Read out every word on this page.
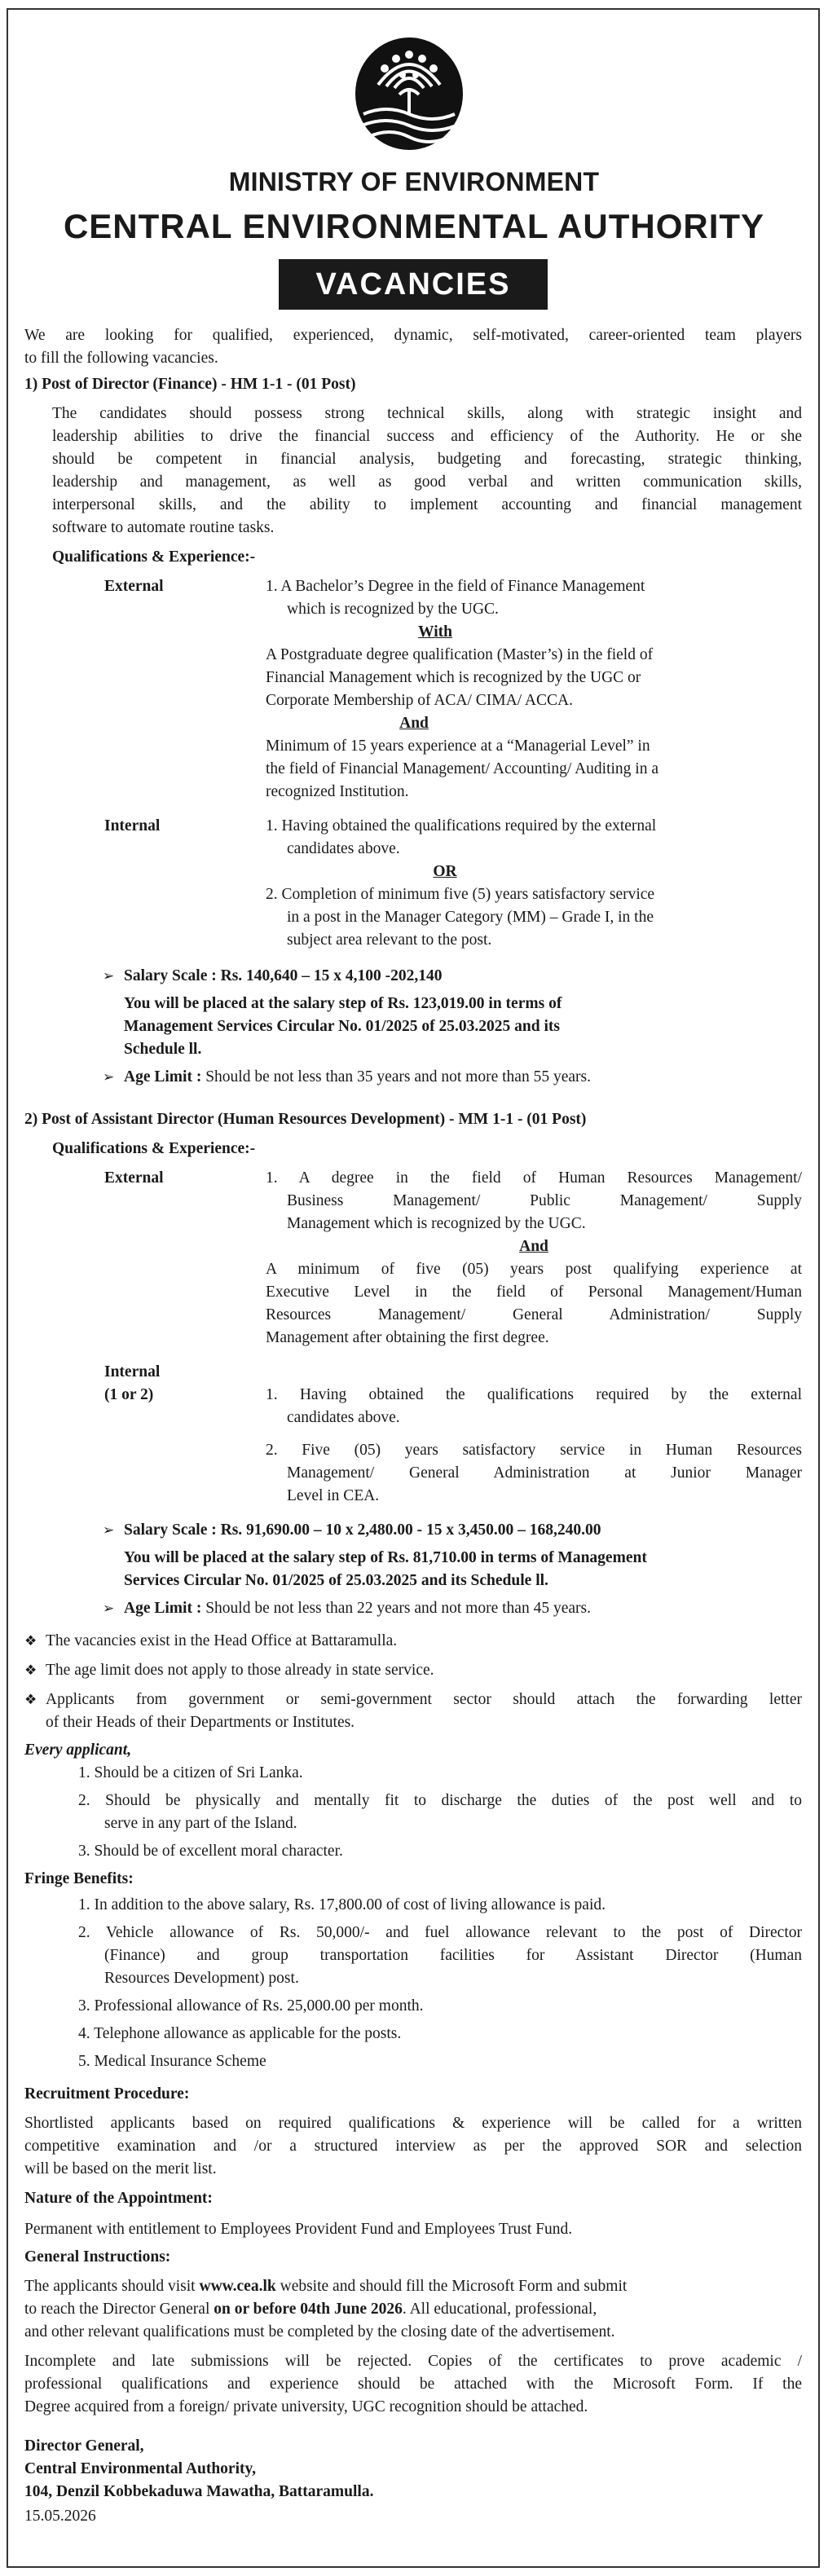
MINISTRY OF ENVIRONMENT
CENTRAL ENVIRONMENTAL AUTHORITY
VACANCIES
We are looking for qualified, experienced, dynamic, self-motivated, career-oriented team players
to fill the following vacancies.
1) Post of Director (Finance) - HM 1-1 - (01 Post)
The candidates should possess strong technical skills, along with strategic insight and
leadership abilities to drive the financial success and efficiency of the Authority. He or she
should be competent in financial analysis, budgeting and forecasting, strategic thinking,
leadership and management, as well as good verbal and written communication skills,
interpersonal skills, and the ability to implement accounting and financial management
software to automate routine tasks.
Qualifications & Experience:-
External	1. A Bachelor’s Degree in the field of Finance Management
which is recognized by the UGC.
With
A Postgraduate degree qualification (Master’s) in the field of
Financial Management which is recognized by the UGC or
Corporate Membership of ACA/ CIMA/ ACCA.
And
Minimum of 15 years experience at a “Managerial Level” in
the field of Financial Management/ Accounting/ Auditing in a
recognized Institution.
Internal	1. Having obtained the qualifications required by the external
candidates above.
OR
2. Completion of minimum five (5) years satisfactory service
in a post in the Manager Category (MM) – Grade I, in the
subject area relevant to the post.
➢ Salary Scale : Rs. 140,640 – 15 x 4,100 -202,140
You will be placed at the salary step of Rs. 123,019.00 in terms of
Management Services Circular No. 01/2025 of 25.03.2025 and its
Schedule ll.
➢ Age Limit : Should be not less than 35 years and not more than 55 years.
2) Post of Assistant Director (Human Resources Development) - MM 1-1 - (01 Post)
Qualifications & Experience:-
External	1. A degree in the field of Human Resources Management/
Business Management/ Public Management/ Supply
Management which is recognized by the UGC.
And
A minimum of five (05) years post qualifying experience at
Executive Level in the field of Personal Management/Human
Resources Management/ General Administration/ Supply
Management after obtaining the first degree.
Internal
(1 or 2)	1. Having obtained the qualifications required by the external
candidates above.
2. Five (05) years satisfactory service in Human Resources
Management/ General Administration at Junior Manager
Level in CEA.
➢ Salary Scale : Rs. 91,690.00 – 10 x 2,480.00 - 15 x 3,450.00 – 168,240.00
You will be placed at the salary step of Rs. 81,710.00 in terms of Management
Services Circular No. 01/2025 of 25.03.2025 and its Schedule ll.
➢ Age Limit : Should be not less than 22 years and not more than 45 years.
❖ The vacancies exist in the Head Office at Battaramulla.
❖ The age limit does not apply to those already in state service.
❖ Applicants from government or semi-government sector should attach the forwarding letter
of their Heads of their Departments or Institutes.
Every applicant,
1. Should be a citizen of Sri Lanka.
2. Should be physically and mentally fit to discharge the duties of the post well and to
serve in any part of the Island.
3. Should be of excellent moral character.
Fringe Benefits:
1. In addition to the above salary, Rs. 17,800.00 of cost of living allowance is paid.
2. Vehicle allowance of Rs. 50,000/- and fuel allowance relevant to the post of Director
(Finance) and group transportation facilities for Assistant Director (Human
Resources Development) post.
3. Professional allowance of Rs. 25,000.00 per month.
4. Telephone allowance as applicable for the posts.
5. Medical Insurance Scheme
Recruitment Procedure:
Shortlisted applicants based on required qualifications & experience will be called for a written
competitive examination and /or a structured interview as per the approved SOR and selection
will be based on the merit list.
Nature of the Appointment:
Permanent with entitlement to Employees Provident Fund and Employees Trust Fund.
General Instructions:
The applicants should visit www.cea.lk website and should fill the Microsoft Form and submit
to reach the Director General on or before 04th June 2026. All educational, professional,
and other relevant qualifications must be completed by the closing date of the advertisement.
Incomplete and late submissions will be rejected. Copies of the certificates to prove academic /
professional qualifications and experience should be attached with the Microsoft Form. If the
Degree acquired from a foreign/ private university, UGC recognition should be attached.
Director General,
Central Environmental Authority,
104, Denzil Kobbekaduwa Mawatha, Battaramulla.
15.05.2026
